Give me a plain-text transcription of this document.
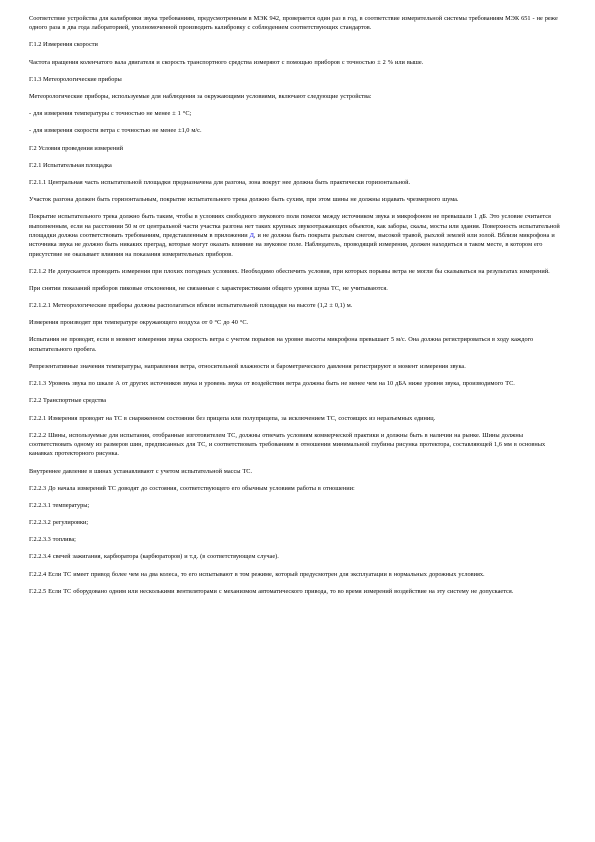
Соответствие устройства для калибровки звука требованиям, предусмотренным в МЭК 942, проверяется один раз в год, в соответствие измерительной системы требованиям МЭК 651 - не реже одного раза в два года лабораторией, уполномоченной производить калибровку с соблюдением соответствующих стандартов.
Г.1.2 Измерения скорости
Частота вращения коленчатого вала двигателя и скорость транспортного средства измеряют с помощью приборов с точностью ± 2 % или выше.
Г.1.3 Метеорологические приборы
Метеорологические приборы, используемые для наблюдения за окружающими условиями, включают следующие устройства:
- для измерения температуры с точностью не менее ± 1 °С;
- для измерения скорости ветра с точностью не менее ±1,0 м/с.
Г.2 Условия проведения измерений
Г.2.1 Испытательная площадка
Г.2.1.1 Центральная часть испытательной площадки предназначена для разгона, зона вокруг нее должна быть практически горизонтальной.
Участок разгона должен быть горизонтальным, покрытие испытательного трека должно быть сухим, при этом шины не должны издавать чрезмерного шума.
Покрытие испытательного трека должно быть таким, чтобы в условиях свободного звукового поля помехи между источником звука и микрофоном не превышали 1 дБ. Это условие считается выполненным, если на расстоянии 50 м от центральной части участка разгона нет таких крупных звукоотражающих объектов, как заборы, скалы, мосты или здания. Поверхность испытательной площадки должна соответствовать требованиям, представленным в приложении Д, и не должна быть покрыта рыхлым снегом, высокой травой, рыхлой землей или золой. Вблизи микрофона и источника звука не должно быть никаких преград, которые могут оказать влияние на звуковое поле. Наблюдатель, проводящий измерения, должен находиться в таком месте, в котором его присутствие не оказывает влияния на показания измерительных приборов.
Г.2.1.2 Не допускается проводить измерения при плохих погодных условиях. Необходимо обеспечить условия, при которых порывы ветра не могли бы сказываться на результатах измерений.
При снятии показаний приборов пиковые отклонения, не связанные с характеристиками общего уровня шума ТС, не учитываются.
Г.2.1.2.1 Метеорологические приборы должны располагаться вблизи испытательной площадки на высоте (1,2 ± 0,1) м.
Измерения производят при температуре окружающего воздуха от 0 °С до 40 °С.
Испытания не проводят, если в момент измерения звука скорость ветра с учетом порывов на уровне высоты микрофона превышает 5 м/с. Она должна регистрироваться в ходу каждого испытательного пробега.
Репрезентативные значения температуры, направления ветра, относительной влажности и барометрического давления регистрируют в момент измерения звука.
Г.2.1.3 Уровень звука по шкале А от других источников звука и уровень звука от воздействия ветра должны быть не менее чем на 10 дБА ниже уровня звука, производимого ТС.
Г.2.2 Транспортные средства
Г.2.2.1 Измерения проводят на ТС в снаряженном состоянии без прицепа или полуприцепа, за исключением ТС, состоящих из неразъемных единиц.
Г.2.2.2 Шины, используемые для испытания, отобранные изготовителем ТС, должны отвечать условиям коммерческой практики и должны быть в наличии на рынке. Шины должны соответствовать одному из размеров шин, предписанных для ТС, и соответствовать требованиям в отношении минимальной глубины рисунка протектора, составляющей 1,6 мм в основных канавках протекторного рисунка.
Внутреннее давление в шинах устанавливают с учетом испытательной массы ТС.
Г.2.2.3 До начала измерений ТС доводят до состояния, соответствующего его обычным условиям работы в отношении:
Г.2.2.3.1 температуры;
Г.2.2.3.2 регулировки;
Г.2.2.3.3 топлива;
Г.2.2.3.4 свечей зажигания, карбюратора (карбюраторов) и т.д. (в соответствующем случае).
Г.2.2.4 Если ТС имеет привод более чем на два колеса, то его испытывают в том режиме, который предусмотрен для эксплуатации в нормальных дорожных условиях.
Г.2.2.5 Если ТС оборудовано одним или несколькими вентиляторами с механизмом автоматического привода, то во время измерений воздействие на эту систему не допускается.
